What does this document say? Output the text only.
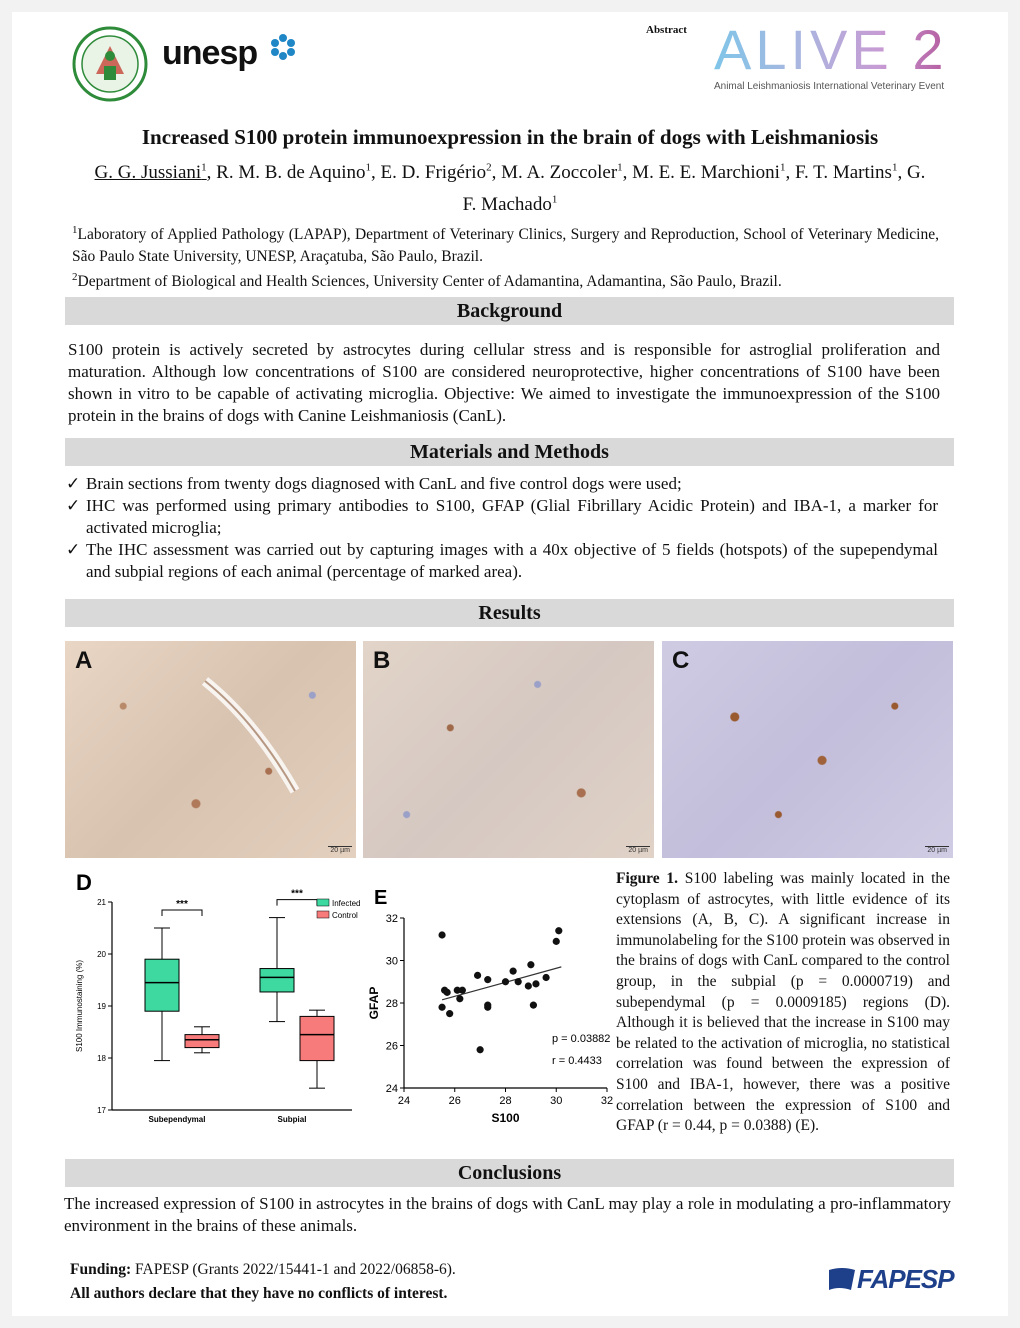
unesp
Abstract ALIVE 2
Animal Leishmaniosis International Veterinary Event
Increased S100 protein immunoexpression in the brain of dogs with Leishmaniosis
G. G. Jussiani$^1$, R. M. B. de Aquino$^1$, E. D. Frigério$^2$, M. A. Zoccoler$^1$, M. E. E. Marchioni$^1$, F. T. Martins$^1$, G. F. Machado$^1$
$^1$Laboratory of Applied Pathology (LAPAP), Department of Veterinary Clinics, Surgery and Reproduction, School of Veterinary Medicine, São Paulo State University, UNESP, Araçatuba, São Paulo, Brazil.
$^2$Department of Biological and Health Sciences, University Center of Adamantina, Adamantina, São Paulo, Brazil.
Background
S100 protein is actively secreted by astrocytes during cellular stress and is responsible for astroglial proliferation and maturation. Although low concentrations of S100 are considered neuroprotective, higher concentrations of S100 have been shown in vitro to be capable of activating microglia. Objective: We aimed to investigate the immunoexpression of the S100 protein in the brains of dogs with Canine Leishmaniosis (CanL).
Materials and Methods
✓ Brain sections from twenty dogs diagnosed with CanL and five control dogs were used;
✓ IHC was performed using primary antibodies to S100, GFAP (Glial Fibrillary Acidic Protein) and IBA-1, a marker for activated microglia;
✓ The IHC assessment was carried out by capturing images with a 40x objective of 5 fields (hotspots) of the supependymal and subpial regions of each animal (percentage of marked area).
Results
A
20 µm
B
20 µm
C
20 µm
D
17
18
19
20
21
S100 Immunostaining (%)
Subependymal
***
Subpial
***
Infected
Control
E
24
26
28
30
32
24	26	28	30	32
S100
GFAP
p = 0.03882
r = 0.4433
Figure 1. S100 labeling was mainly located in the cytoplasm of astrocytes, with little evidence of its extensions (A, B, C). A significant increase in immunolabeling for the S100 protein was observed in the brains of dogs with CanL compared to the control group, in the subpial (p = 0.0000719) and subependymal (p = 0.0009185) regions (D). Although it is believed that the increase in S100 may be related to the activation of microglia, no statistical correlation was found between the expression of S100 and IBA-1, however, there was a positive correlation between the expression of S100 and GFAP (r = 0.44, p = 0.0388) (E).
Conclusions
The increased expression of S100 in astrocytes in the brains of dogs with CanL may play a role in modulating a pro-inflammatory environment in the brains of these animals.
Funding: FAPESP (Grants 2022/15441-1 and 2022/06858-6).
All authors declare that they have no conflicts of interest.	FAPESP
